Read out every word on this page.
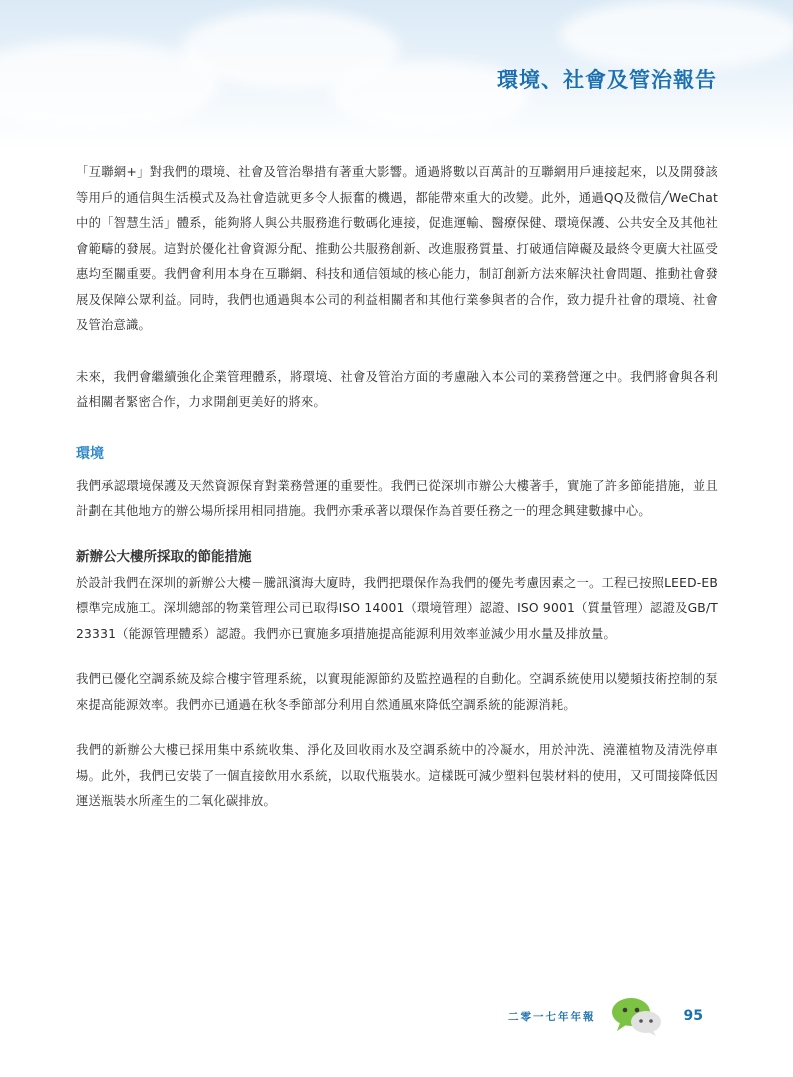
環境、社會及管治報告

「互聯網+」對我們的環境、社會及管治舉措有著重大影響。通過將數以百萬計的互聯網用戶連接起來，以及開發該等用戶的通信與生活模式及為社會造就更多令人振奮的機遇，都能帶來重大的改變。此外，通過QQ及微信╱WeChat中的「智慧生活」體系，能夠將人與公共服務進行數碼化連接，促進運輸、醫療保健、環境保護、公共安全及其他社會範疇的發展。這對於優化社會資源分配、推動公共服務創新、改進服務質量、打破通信障礙及最終令更廣大社區受惠均至關重要。我們會利用本身在互聯網、科技和通信領域的核心能力，制訂創新方法來解決社會問題、推動社會發展及保障公眾利益。同時，我們也通過與本公司的利益相關者和其他行業參與者的合作，致力提升社會的環境、社會及管治意識。

未來，我們會繼續強化企業管理體系，將環境、社會及管治方面的考慮融入本公司的業務營運之中。我們將會與各利益相關者緊密合作，力求開創更美好的將來。

環境

我們承認環境保護及天然資源保育對業務營運的重要性。我們已從深圳市辦公大樓著手，實施了許多節能措施，並且計劃在其他地方的辦公場所採用相同措施。我們亦秉承著以環保作為首要任務之一的理念興建數據中心。

新辦公大樓所採取的節能措施

於設計我們在深圳的新辦公大樓－騰訊濱海大廈時，我們把環保作為我們的優先考慮因素之一。工程已按照LEED-EB標準完成施工。深圳總部的物業管理公司已取得ISO 14001（環境管理）認證、ISO 9001（質量管理）認證及GB/T 23331（能源管理體系）認證。我們亦已實施多項措施提高能源利用效率並減少用水量及排放量。

我們已優化空調系統及綜合樓宇管理系統，以實現能源節約及監控過程的自動化。空調系統使用以變頻技術控制的泵來提高能源效率。我們亦已通過在秋冬季節部分利用自然通風來降低空調系統的能源消耗。

我們的新辦公大樓已採用集中系統收集、淨化及回收雨水及空調系統中的冷凝水，用於沖洗、澆灌植物及清洗停車場。此外，我們已安裝了一個直接飲用水系統，以取代瓶裝水。這樣既可減少塑料包裝材料的使用，又可間接降低因運送瓶裝水所產生的二氧化碳排放。

二零一七年年報	95
